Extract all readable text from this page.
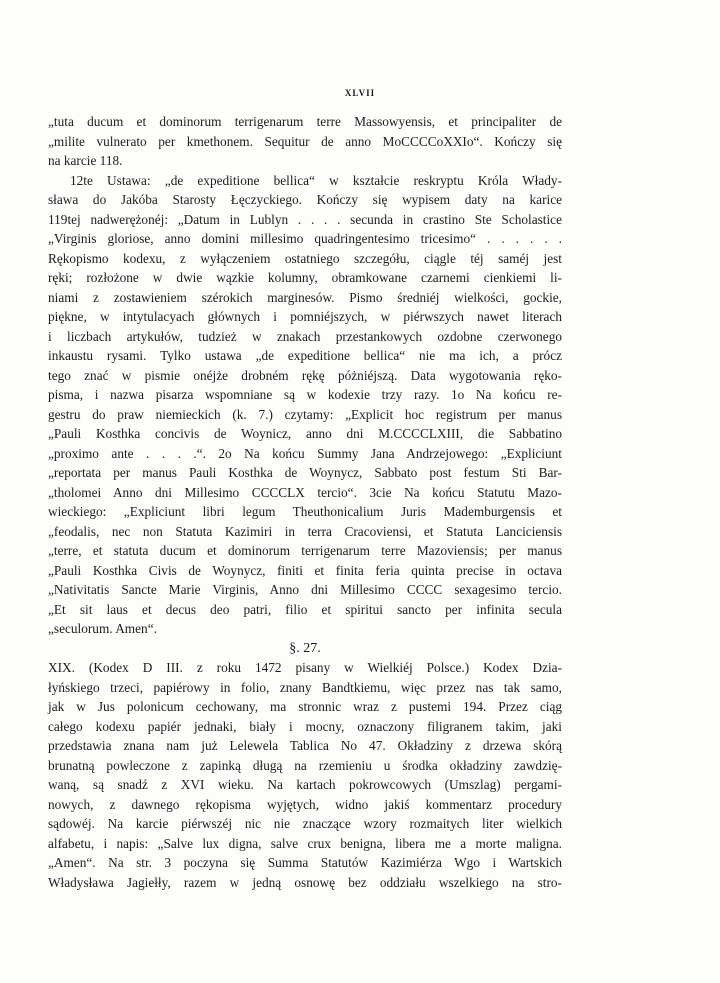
XLVII
„tuta ducum et dominorum terrigenarum terre Massowyensis, et principaliter de
„milite vulnerato per kmethonem. Sequitur de anno MoCCCCoXXIo“. Kończy się
na karcie 118.
12te Ustawa: „de expeditione bellica“ w kształcie reskryptu Króla Włady-
sława do Jakóba Starosty Łęczyckiego. Kończy się wypisem daty na karice
119tej nadwerężonéj: „Datum in Lublyn . . . . secunda in crastino Ste Scholastice
„Virginis gloriose, anno domini millesimo quadringentesimo tricesimo“ . . . . . .
Rękopismo kodexu, z wyłączeniem ostatniego szczegółu, ciągle téj saméj jest
ręki; rozłożone w dwie wązkie kolumny, obramkowane czarnemi cienkiemi li-
niami z zostawieniem szérokich marginesów. Pismo średniéj wielkości, gockie,
piękne, w intytulacyach głównych i pomniéjszych, w piérwszych nawet literach
i liczbach artykułów, tudzież w znakach przestankowych ozdobne czerwonego
inkaustu rysami. Tylko ustawa „de expeditione bellica“ nie ma ich, a prócz
tego znać w pismie onéjże drobném rękę póżniéjszą. Data wygotowania ręko-
pisma, i nazwa pisarza wspomniane są w kodexie trzy razy. 1o Na końcu re-
gestru do praw niemieckich (k. 7.) czytamy: „Explicit hoc registrum per manus
„Pauli Kosthka concivis de Woynicz, anno dni M.CCCCLXIII, die Sabbatino
„proximo ante . . . .“. 2o Na końcu Summy Jana Andrzejowego: „Expliciunt
„reportata per manus Pauli Kosthka de Woynycz, Sabbato post festum Sti Bar-
„tholomei Anno dni Millesimo CCCCLX tercio“. 3cie Na końcu Statutu Mazo-
wieckiego: „Expliciunt libri legum Theuthonicalium Juris Mademburgensis et
„feodalis, nec non Statuta Kazimiri in terra Cracoviensi, et Statuta Lanciciensis
„terre, et statuta ducum et dominorum terrigenarum terre Mazoviensis; per manus
„Pauli Kosthka Civis de Woynycz, finiti et finita feria quinta precise in octava
„Nativitatis Sancte Marie Virginis, Anno dni Millesimo CCCC sexagesimo tercio.
„Et sit laus et decus deo patri, filio et spiritui sancto per infinita secula
„seculorum. Amen“.
§. 27.
XIX. (Kodex D III. z roku 1472 pisany w Wielkiéj Polsce.) Kodex Dzia-
łyńskiego trzeci, papiérowy in folio, znany Bandtkiemu, więc przez nas tak samo,
jak w Jus polonicum cechowany, ma stronnic wraz z pustemi 194. Przez ciąg
całego kodexu papiér jednaki, biały i mocny, oznaczony filigranem takim, jaki
przedstawia znana nam już Lelewela Tablica No 47. Okładziny z drzewa skórą
brunatną powleczone z zapinką długą na rzemieniu u środka okładziny zawdzię-
waną, są snadź z XVI wieku. Na kartach pokrowcowych (Umszlag) pergami-
nowych, z dawnego rękopisma wyjętych, widno jakiś kommentarz procedury
sądowéj. Na karcie piérwszéj nic nie znaczące wzory rozmaitych liter wielkich
alfabetu, i napis: „Salve lux digna, salve crux benigna, libera me a morte maligna.
„Amen“. Na str. 3 poczyna się Summa Statutów Kazimiérza Wgo i Wartskich
Władysława Jagiełły, razem w jedną osnowę bez oddziału wszelkiego na stro-
